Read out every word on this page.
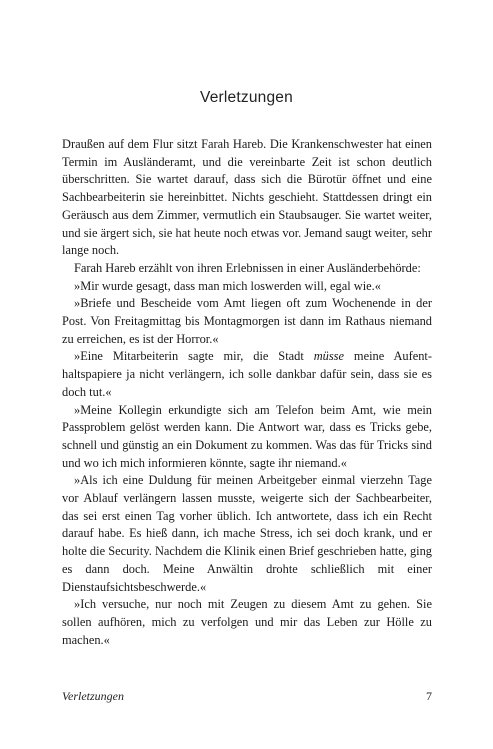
Verletzungen

Draußen auf dem Flur sitzt Farah Hareb. Die Krankenschwester hat einen Termin im Ausländeramt, und die vereinbarte Zeit ist schon deutlich überschritten. Sie wartet darauf, dass sich die Bürotür öffnet und eine Sachbearbeiterin sie hereinbittet. Nichts geschieht. Stattdessen dringt ein Geräusch aus dem Zimmer, vermutlich ein Staubsauger. Sie wartet weiter, und sie ärgert sich, sie hat heute noch etwas vor. Jemand saugt weiter, sehr lange noch.

Farah Hareb erzählt von ihren Erlebnissen in einer Ausländerbehörde:

»Mir wurde gesagt, dass man mich loswerden will, egal wie.«

»Briefe und Bescheide vom Amt liegen oft zum Wochenende in der Post. Von Freitagmittag bis Montagmorgen ist dann im Rathaus niemand zu erreichen, es ist der Horror.«

»Eine Mitarbeiterin sagte mir, die Stadt müsse meine Aufenthaltspapiere ja nicht verlängern, ich solle dankbar dafür sein, dass sie es doch tut.«

»Meine Kollegin erkundigte sich am Telefon beim Amt, wie mein Passproblem gelöst werden kann. Die Antwort war, dass es Tricks gebe, schnell und günstig an ein Dokument zu kommen. Was das für Tricks sind und wo ich mich informieren könnte, sagte ihr niemand.«

»Als ich eine Duldung für meinen Arbeitgeber einmal vierzehn Tage vor Ablauf verlängern lassen musste, weigerte sich der Sachbearbeiter, das sei erst einen Tag vorher üblich. Ich antwortete, dass ich ein Recht darauf habe. Es hieß dann, ich mache Stress, ich sei doch krank, und er holte die Security. Nachdem die Klinik einen Brief geschrieben hatte, ging es dann doch. Meine Anwältin drohte schließlich mit einer Dienstaufsichtsbeschwerde.«

»Ich versuche, nur noch mit Zeugen zu diesem Amt zu gehen. Sie sollen aufhören, mich zu verfolgen und mir das Leben zur Hölle zu machen.«

Verletzungen	7
